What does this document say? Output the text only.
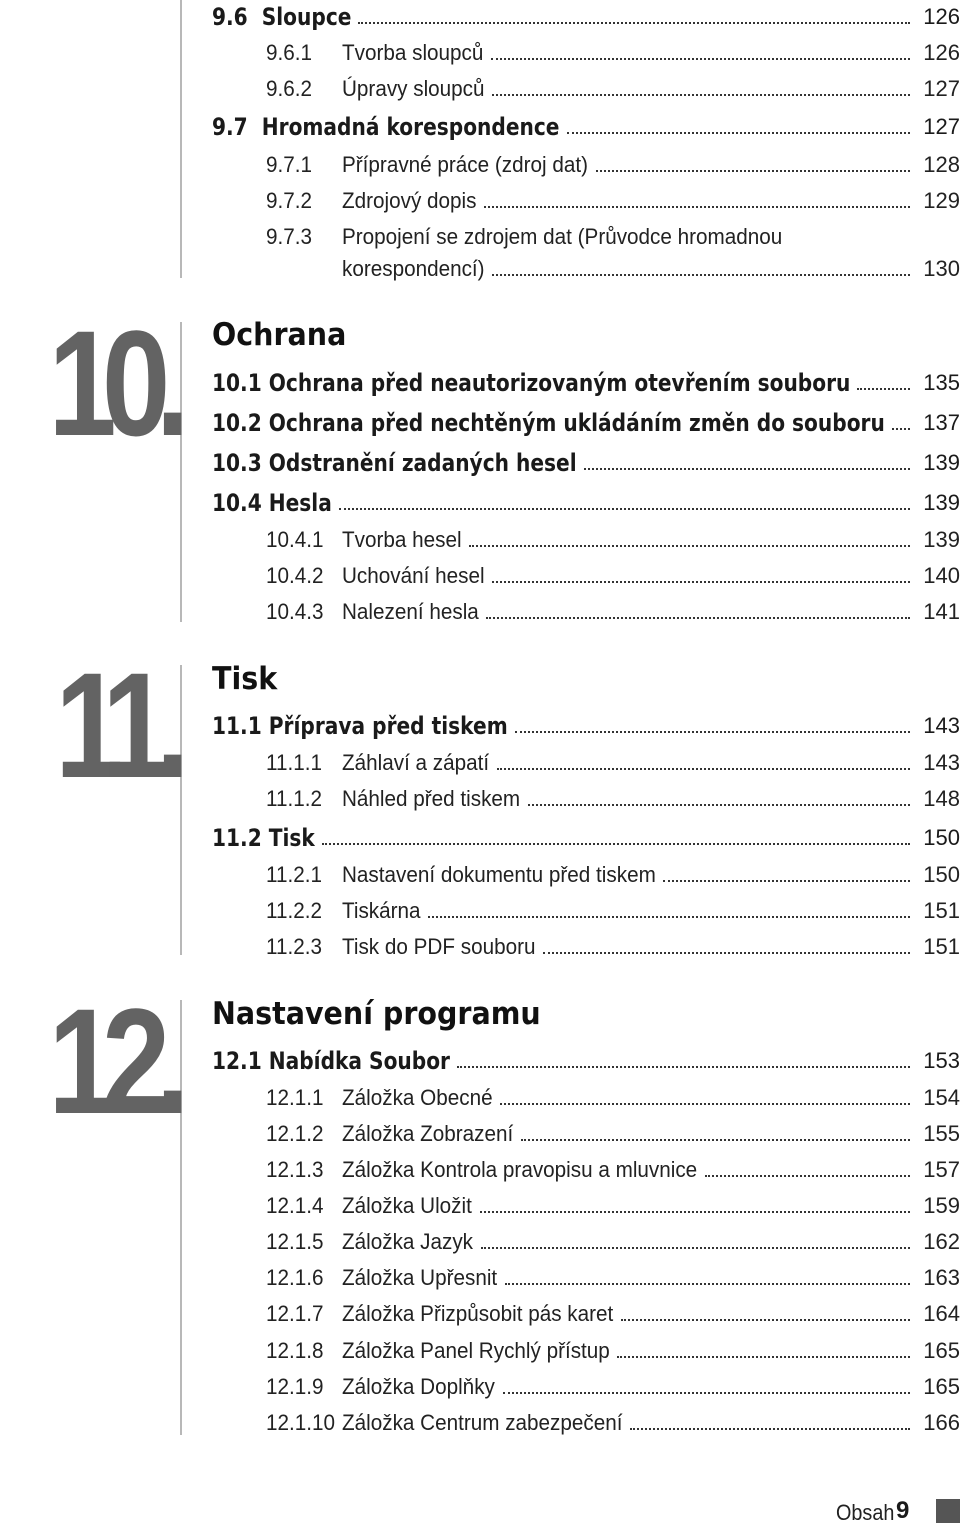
9.6 Sloupce	126
9.6.1 Tvorba sloupců	126
9.6.2 Úpravy sloupců	127
9.7 Hromadná korespondence	127
9.7.1 Přípravné práce (zdroj dat)	128
9.7.2 Zdrojový dopis	129
9.7.3 Propojení se zdrojem dat (Průvodce hromadnou
korespondencí)	130
10. Ochrana
10.1 Ochrana před neautorizovaným otevřením souboru	135
10.2 Ochrana před nechtěným ukládáním změn do souboru 137
10.3 Odstranění zadaných hesel	139
10.4 Hesla	139
10.4.1 Tvorba hesel	139
10.4.2 Uchování hesel	140
10.4.3 Nalezení hesla	141
11. Tisk
11.1 Příprava před tiskem	143
11.1.1 Záhlaví a zápatí	143
11.1.2 Náhled před tiskem	148
11.2 Tisk	150
11.2.1 Nastavení dokumentu před tiskem	150
11.2.2 Tiskárna	151
11.2.3 Tisk do PDF souboru	151
12. Nastavení programu
12.1 Nabídka Soubor	153
12.1.1 Záložka Obecné	154
12.1.2 Záložka Zobrazení	155
12.1.3 Záložka Kontrola pravopisu a mluvnice	157
12.1.4 Záložka Uložit	159
12.1.5 Záložka Jazyk	162
12.1.6 Záložka Upřesnit	163
12.1.7 Záložka Přizpůsobit pás karet	164
12.1.8 Záložka Panel Rychlý přístup	165
12.1.9 Záložka Doplňky	165
12.1.10 Záložka Centrum zabezpečení	166
Obsah 9
